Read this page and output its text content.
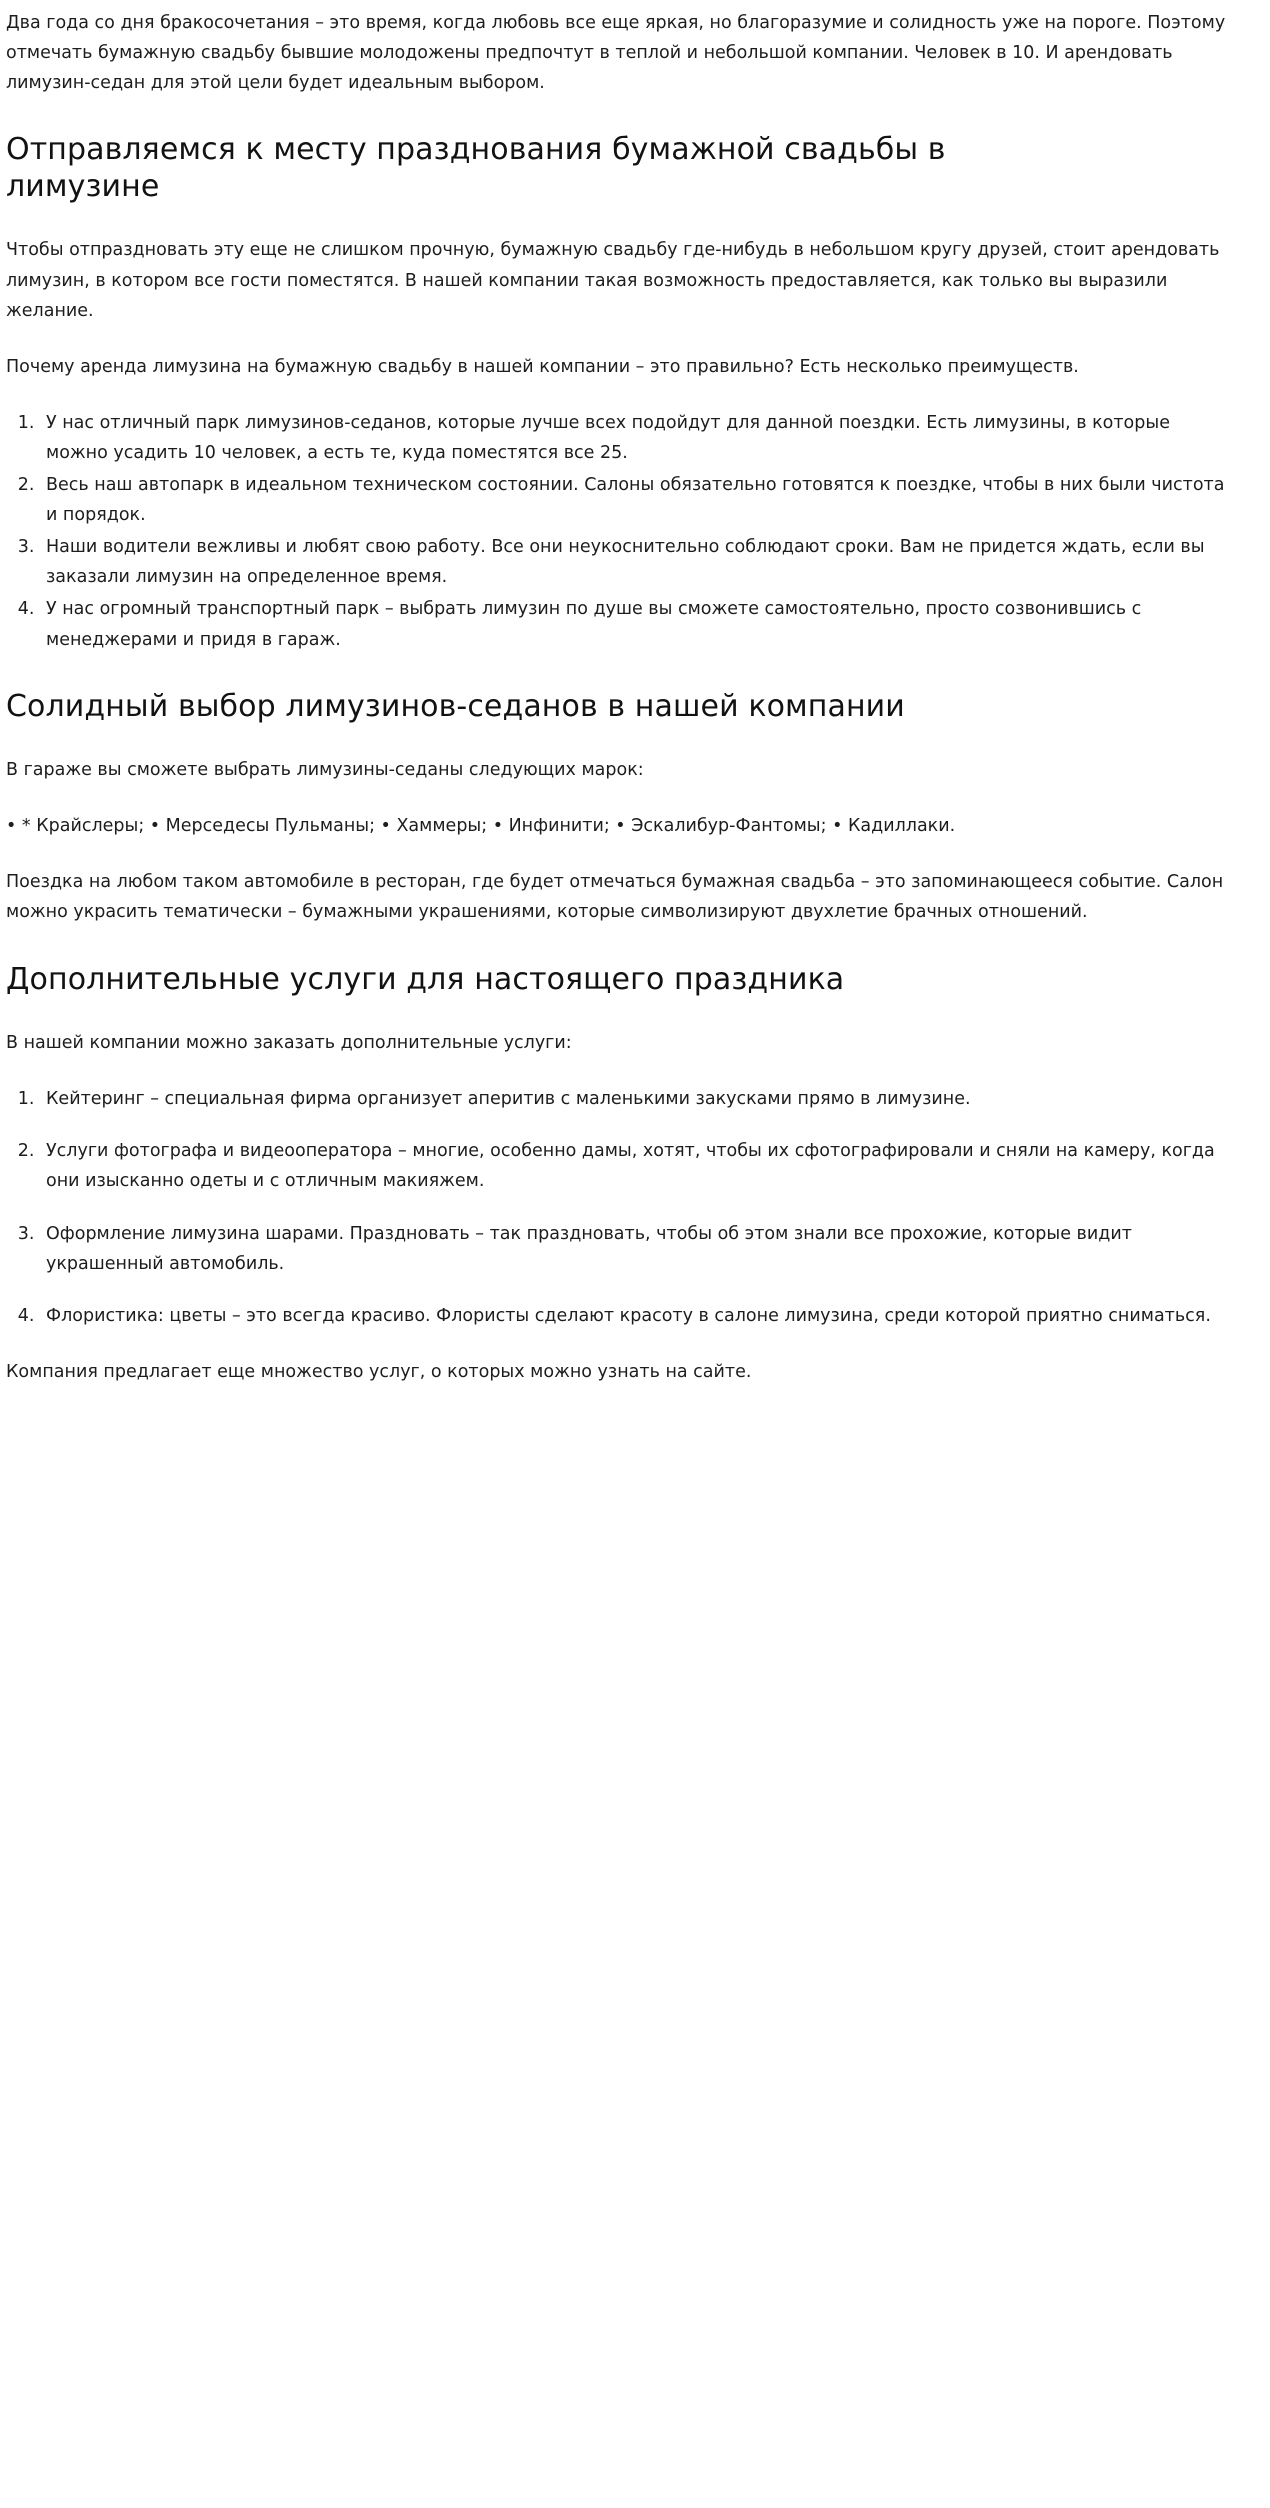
Два года со дня бракосочетания – это время, когда любовь все еще яркая, но благоразумие и солидность уже на пороге. Поэтому отмечать бумажную свадьбу бывшие молодожены предпочтут в теплой и небольшой компании. Человек в 10. И арендовать лимузин-седан для этой цели будет идеальным выбором.

Отправляемся к месту празднования бумажной свадьбы в лимузине

Чтобы отпраздновать эту еще не слишком прочную, бумажную свадьбу где-нибудь в небольшом кругу друзей, стоит арендовать лимузин, в котором все гости поместятся. В нашей компании такая возможность предоставляется, как только вы выразили желание.

Почему аренда лимузина на бумажную свадьбу в нашей компании – это правильно? Есть несколько преимуществ.

1. У нас отличный парк лимузинов-седанов, которые лучше всех подойдут для данной поездки. Есть лимузины, в которые можно усадить 10 человек, а есть те, куда поместятся все 25.
2. Весь наш автопарк в идеальном техническом состоянии. Салоны обязательно готовятся к поездке, чтобы в них были чистота и порядок.
3. Наши водители вежливы и любят свою работу. Все они неукоснительно соблюдают сроки. Вам не придется ждать, если вы заказали лимузин на определенное время.
4. У нас огромный транспортный парк – выбрать лимузин по душе вы сможете самостоятельно, просто созвонившись с менеджерами и придя в гараж.
Солидный выбор лимузинов-седанов в нашей компании

В гараже вы сможете выбрать лимузины-седаны следующих марок:

• * Крайслеры; • Мерседесы Пульманы; • Хаммеры; • Инфинити; • Эскалибур-Фантомы; • Кадиллаки.

Поездка на любом таком автомобиле в ресторан, где будет отмечаться бумажная свадьба – это запоминающееся событие. Салон можно украсить тематически – бумажными украшениями, которые символизируют двухлетие брачных отношений.

Дополнительные услуги для настоящего праздника

В нашей компании можно заказать дополнительные услуги:

1. Кейтеринг – специальная фирма организует аперитив с маленькими закусками прямо в лимузине.
2. Услуги фотографа и видеооператора – многие, особенно дамы, хотят, чтобы их сфотографировали и сняли на камеру, когда они изысканно одеты и с отличным макияжем.
3. Оформление лимузина шарами. Праздновать – так праздновать, чтобы об этом знали все прохожие, которые видит украшенный автомобиль.
4. Флористика: цветы – это всегда красиво. Флористы сделают красоту в салоне лимузина, среди которой приятно сниматься.

Компания предлагает еще множество услуг, о которых можно узнать на сайте.
